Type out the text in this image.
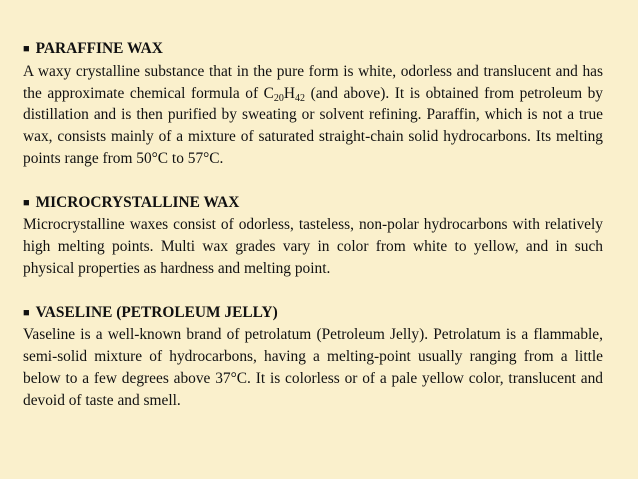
■ PARAFFINE WAX
A waxy crystalline substance that in the pure form is white, odorless and translucent and has the approximate chemical formula of $C_{20}H_{42}$ (and above). It is obtained from petroleum by distillation and is then purified by sweating or solvent refining. Paraffin, which is not a true wax, consists mainly of a mixture of saturated straight-chain solid hydrocarbons. Its melting points range from 50°C to 57°C.
■ MICROCRYSTALLINE WAX
Microcrystalline waxes consist of odorless, tasteless, non-polar hydrocarbons with relatively high melting points. Multi wax grades vary in color from white to yellow, and in such physical properties as hardness and melting point.
■ VASELINE (PETROLEUM JELLY)
Vaseline is a well-known brand of petrolatum (Petroleum Jelly). Petrolatum is a flammable, semi-solid mixture of hydrocarbons, having a melting-point usually ranging from a little below to a few degrees above 37°C. It is colorless or of a pale yellow color, translucent and devoid of taste and smell.
